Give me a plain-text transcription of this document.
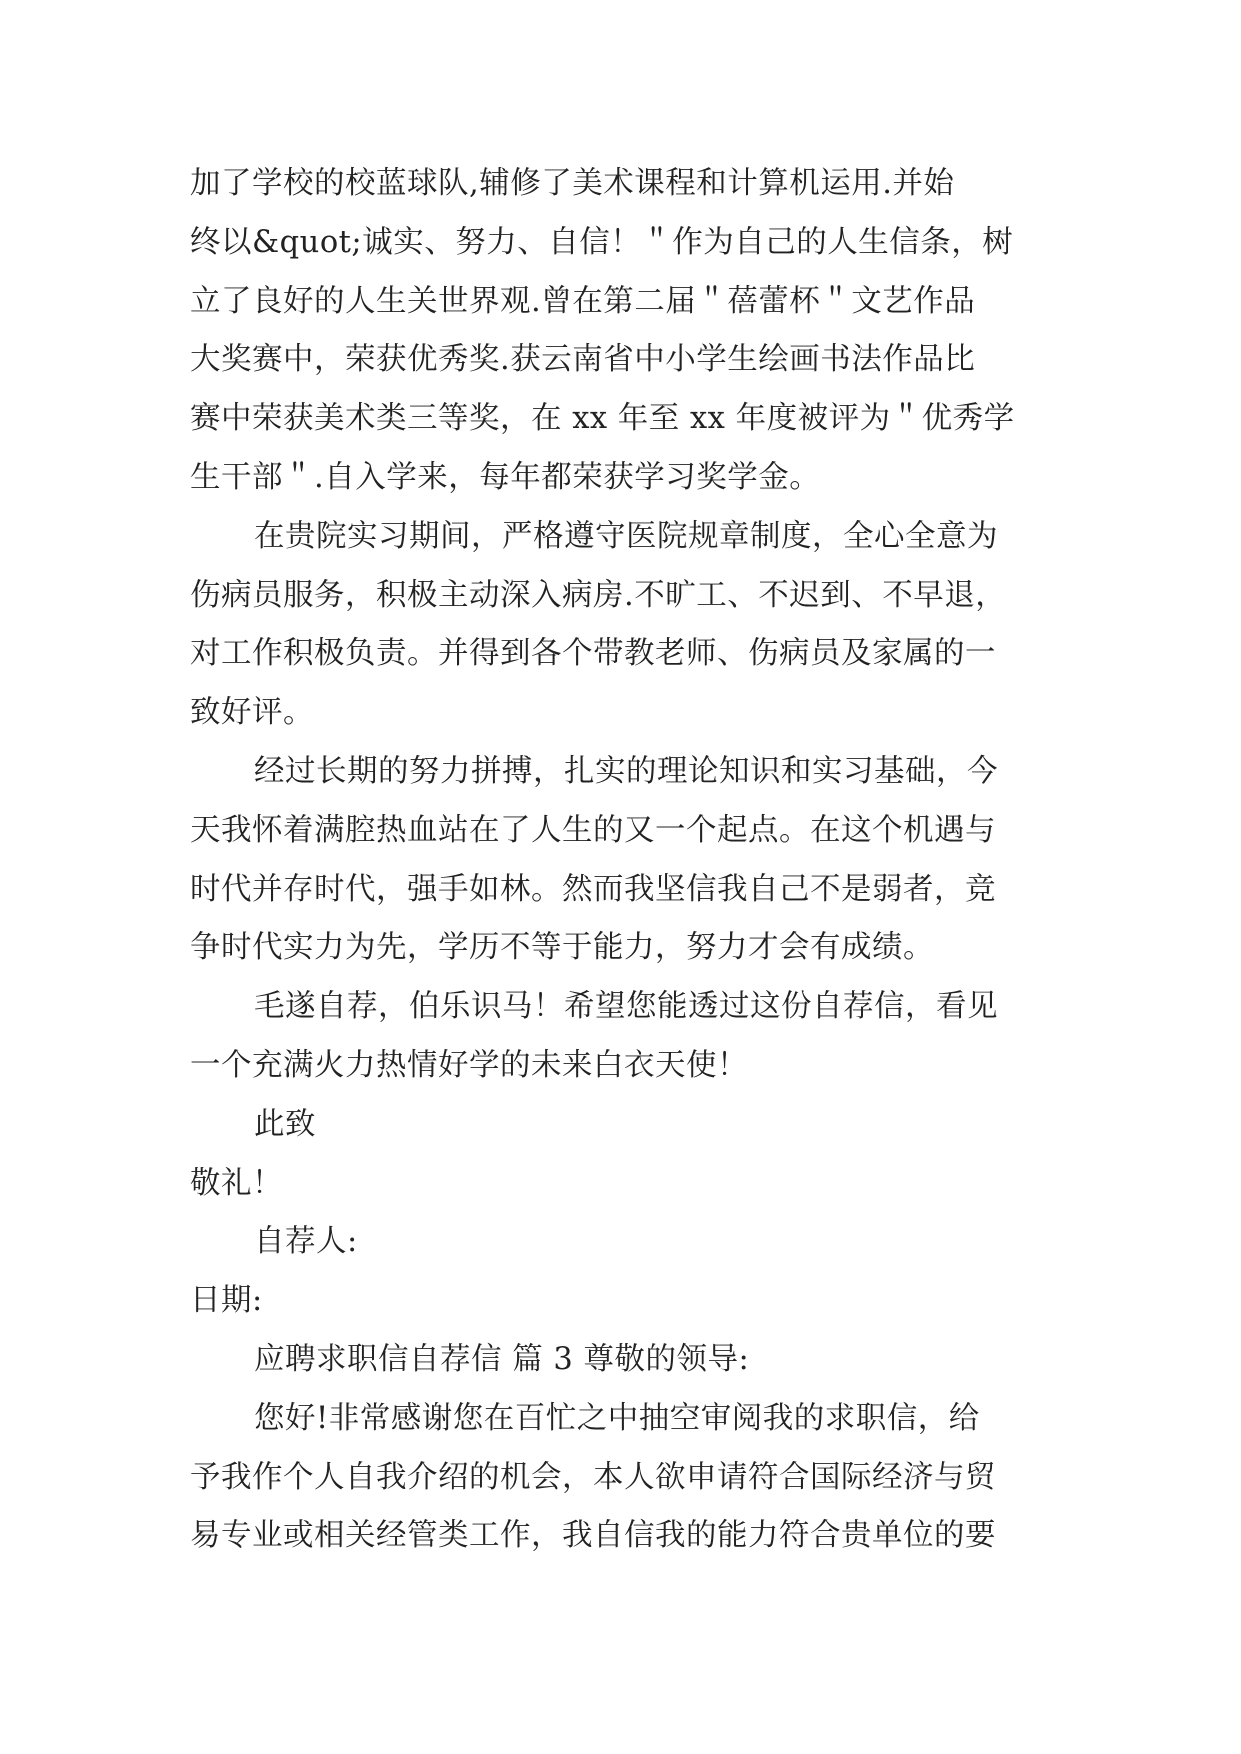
加了学校的校蓝球队,辅修了美术课程和计算机运用.并始
终以&quot;诚实、努力、自信！＂作为自己的人生信条，树
立了良好的人生关世界观.曾在第二届＂蓓蕾杯＂文艺作品
大奖赛中，荣获优秀奖.获云南省中小学生绘画书法作品比
赛中荣获美术类三等奖，在 xx 年至 xx 年度被评为＂优秀学
生干部＂.自入学来，每年都荣获学习奖学金。
在贵院实习期间，严格遵守医院规章制度，全心全意为
伤病员服务，积极主动深入病房.不旷工、不迟到、不早退，
对工作积极负责。并得到各个带教老师、伤病员及家属的一
致好评。
经过长期的努力拼搏，扎实的理论知识和实习基础，今
天我怀着满腔热血站在了人生的又一个起点。在这个机遇与
时代并存时代，强手如林。然而我坚信我自己不是弱者，竞
争时代实力为先，学历不等于能力，努力才会有成绩。
毛遂自荐，伯乐识马！希望您能透过这份自荐信，看见
一个充满火力热情好学的未来白衣天使！
此致
敬礼！
自荐人:
日期:
应聘求职信自荐信 篇 3 尊敬的领导:
您好!非常感谢您在百忙之中抽空审阅我的求职信，给
予我作个人自我介绍的机会，本人欲申请符合国际经济与贸
易专业或相关经管类工作，我自信我的能力符合贵单位的要
